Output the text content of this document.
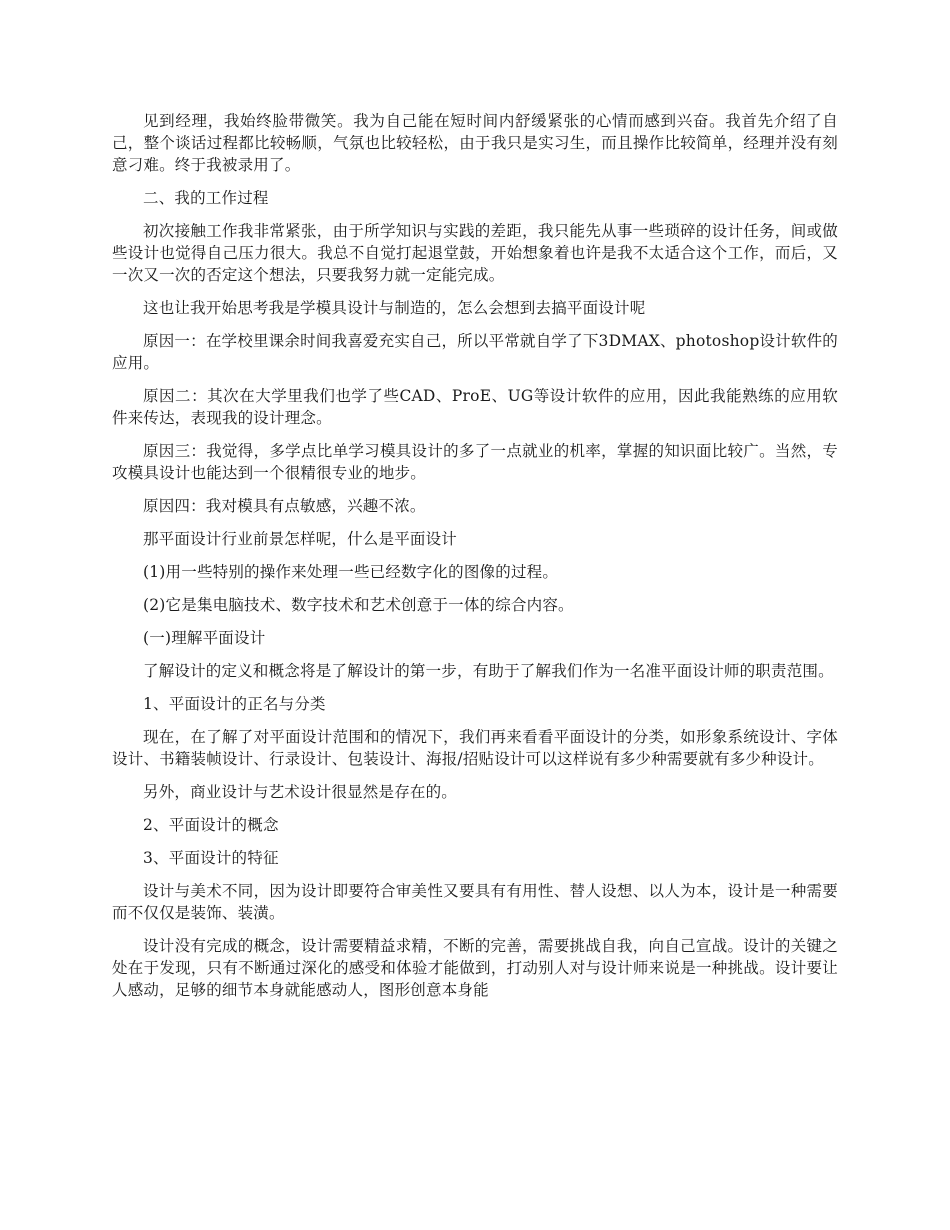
见到经理，我始终脸带微笑。我为自己能在短时间内舒缓紧张的心情而感到兴奋。我首先介绍了自己，整个谈话过程都比较畅顺，气氛也比较轻松，由于我只是实习生，而且操作比较简单，经理并没有刻意刁难。终于我被录用了。

二、我的工作过程

初次接触工作我非常紧张，由于所学知识与实践的差距，我只能先从事一些琐碎的设计任务，间或做些设计也觉得自己压力很大。我总不自觉打起退堂鼓，开始想象着也许是我不太适合这个工作，而后，又一次又一次的否定这个想法，只要我努力就一定能完成。

这也让我开始思考我是学模具设计与制造的，怎么会想到去搞平面设计呢

原因一：在学校里课余时间我喜爱充实自己，所以平常就自学了下3DMAX、photoshop设计软件的应用。

原因二：其次在大学里我们也学了些CAD、ProE、UG等设计软件的应用，因此我能熟练的应用软件来传达，表现我的设计理念。

原因三：我觉得，多学点比单学习模具设计的多了一点就业的机率，掌握的知识面比较广。当然，专攻模具设计也能达到一个很精很专业的地步。

原因四：我对模具有点敏感，兴趣不浓。

那平面设计行业前景怎样呢，什么是平面设计

(1)用一些特别的操作来处理一些已经数字化的图像的过程。

(2)它是集电脑技术、数字技术和艺术创意于一体的综合内容。

(一)理解平面设计

了解设计的定义和概念将是了解设计的第一步，有助于了解我们作为一名准平面设计师的职责范围。

1、平面设计的正名与分类

现在，在了解了对平面设计范围和的情况下，我们再来看看平面设计的分类，如形象系统设计、字体设计、书籍装帧设计、行录设计、包装设计、海报/招贴设计可以这样说有多少种需要就有多少种设计。

另外，商业设计与艺术设计很显然是存在的。

2、平面设计的概念

3、平面设计的特征

设计与美术不同，因为设计即要符合审美性又要具有有用性、替人设想、以人为本，设计是一种需要而不仅仅是装饰、装潢。

设计没有完成的概念，设计需要精益求精，不断的完善，需要挑战自我，向自己宣战。设计的关键之处在于发现，只有不断通过深化的感受和体验才能做到，打动别人对与设计师来说是一种挑战。设计要让人感动，足够的细节本身就能感动人，图形创意本身能
